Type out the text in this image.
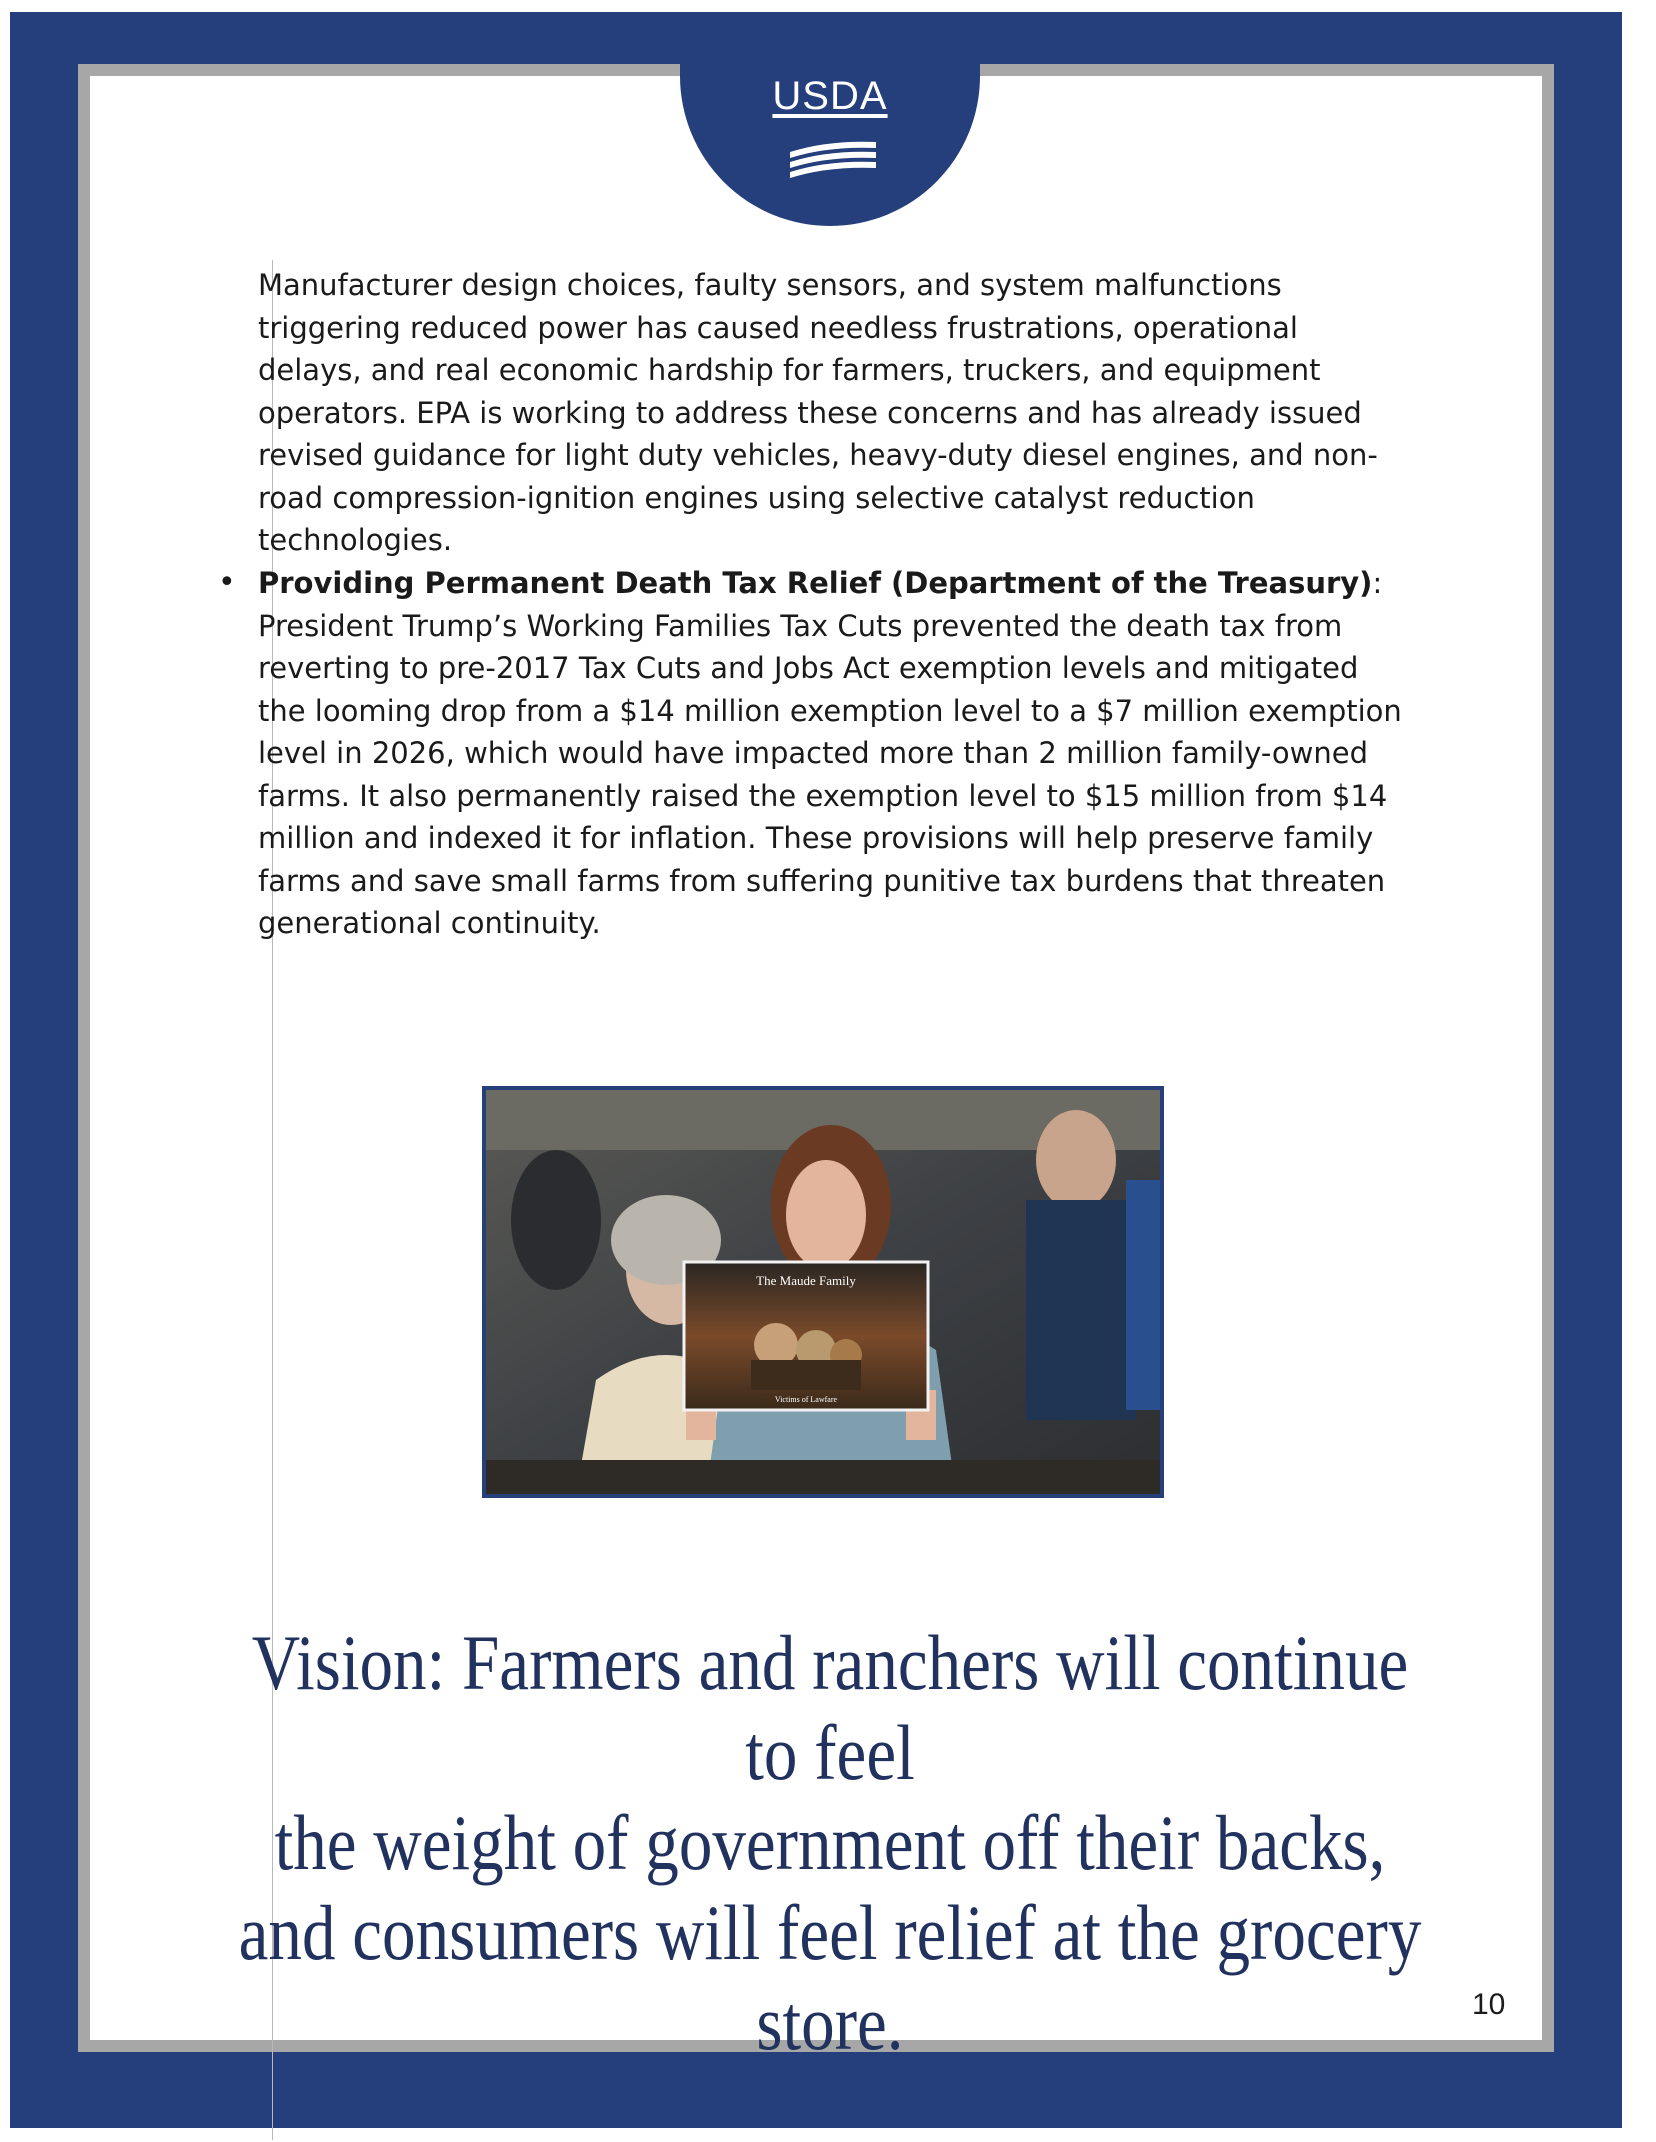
USDA

Manufacturer design choices, faulty sensors, and system malfunctions triggering reduced power has caused needless frustrations, operational delays, and real economic hardship for farmers, truckers, and equipment operators. EPA is working to address these concerns and has already issued revised guidance for light duty vehicles, heavy-duty diesel engines, and non-road compression-ignition engines using selective catalyst reduction technologies.

• Providing Permanent Death Tax Relief (Department of the Treasury): President Trump’s Working Families Tax Cuts prevented the death tax from reverting to pre-2017 Tax Cuts and Jobs Act exemption levels and mitigated the looming drop from a $14 million exemption level to a $7 million exemption level in 2026, which would have impacted more than 2 million family-owned farms. It also permanently raised the exemption level to $15 million from $14 million and indexed it for inflation. These provisions will help preserve family farms and save small farms from suffering punitive tax burdens that threaten generational continuity.
The Maude Family
Victims of Lawfare
Vision: Farmers and ranchers will continue to feel
the weight of government off their backs,
and consumers will feel relief at the grocery store.	10
